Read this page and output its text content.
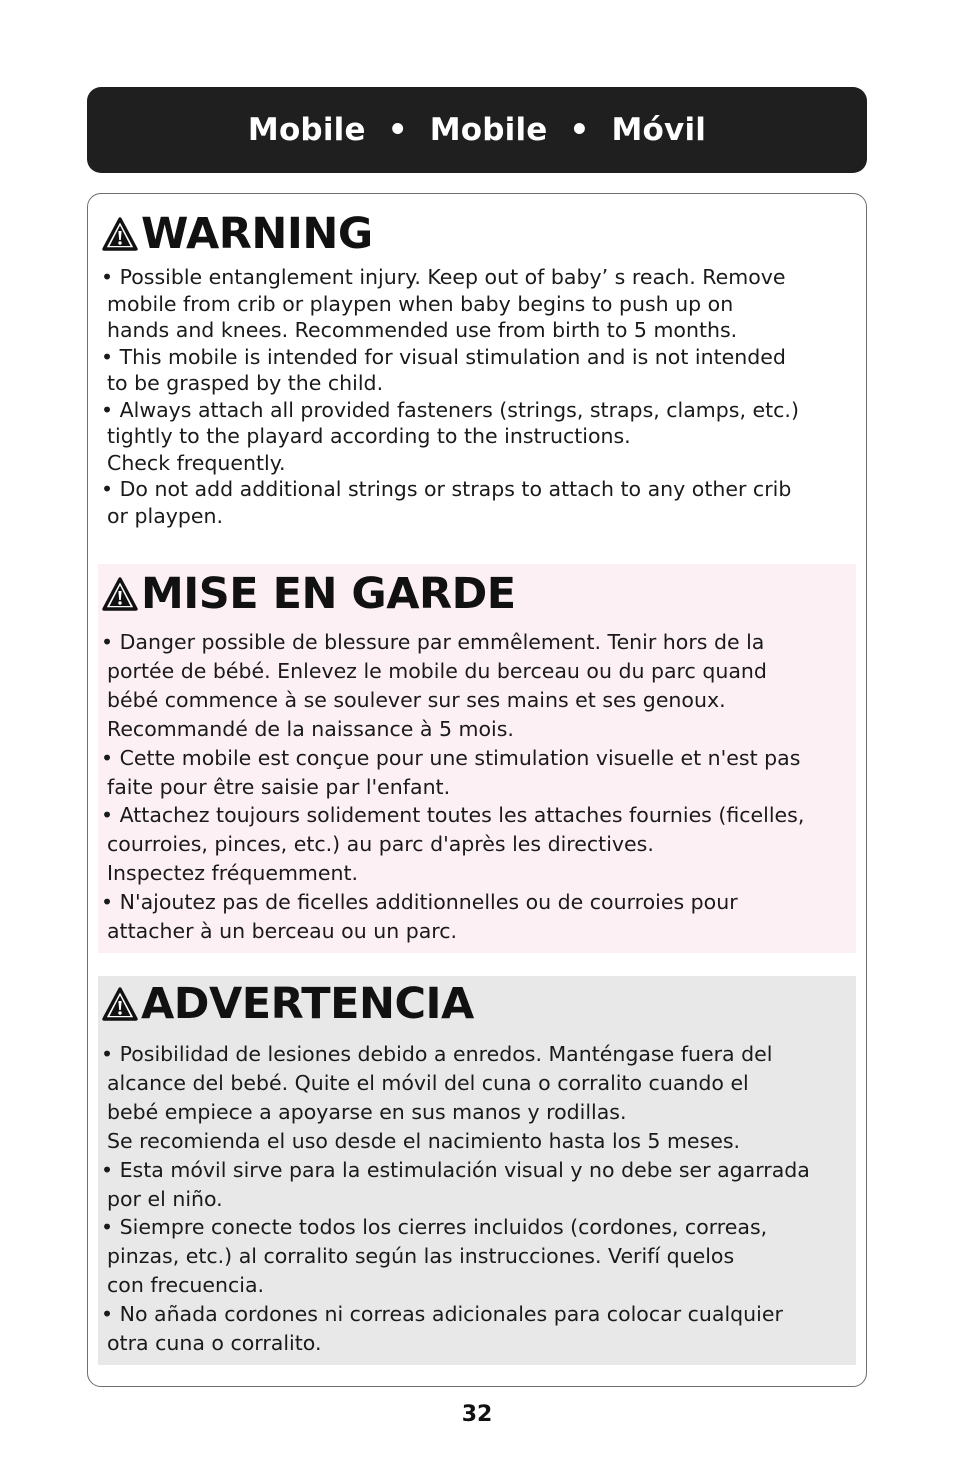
Mobile  •  Mobile  •  Móvil
WARNING
• Possible entanglement injury. Keep out of baby’ s reach. Remove
mobile from crib or playpen when baby begins to push up on
hands and knees. Recommended use from birth to 5 months.
• This mobile is intended for visual stimulation and is not intended
to be grasped by the child.
• Always attach all provided fasteners (strings, straps, clamps, etc.)
tightly to the playard according to the instructions.
Check frequently.
• Do not add additional strings or straps to attach to any other crib
or playpen.
MISE EN GARDE
• Danger possible de blessure par emmêlement. Tenir hors de la
portée de bébé. Enlevez le mobile du berceau ou du parc quand
bébé commence à se soulever sur ses mains et ses genoux.
Recommandé de la naissance à 5 mois.
• Cette mobile est conçue pour une stimulation visuelle et n'est pas
faite pour être saisie par l'enfant.
• Attachez toujours solidement toutes les attaches fournies (ficelles,
courroies, pinces, etc.) au parc d'après les directives.
Inspectez fréquemment.
• N'ajoutez pas de ficelles additionnelles ou de courroies pour
attacher à un berceau ou un parc.
ADVERTENCIA
• Posibilidad de lesiones debido a enredos. Manténgase fuera del
alcance del bebé. Quite el móvil del cuna o corralito cuando el
bebé empiece a apoyarse en sus manos y rodillas.
Se recomienda el uso desde el nacimiento hasta los 5 meses.
• Esta móvil sirve para la estimulación visual y no debe ser agarrada
por el niño.
• Siempre conecte todos los cierres incluidos (cordones, correas,
pinzas, etc.) al corralito según las instrucciones. Verifí quelos
con frecuencia.
• No añada cordones ni correas adicionales para colocar cualquier
otra cuna o corralito.
32
